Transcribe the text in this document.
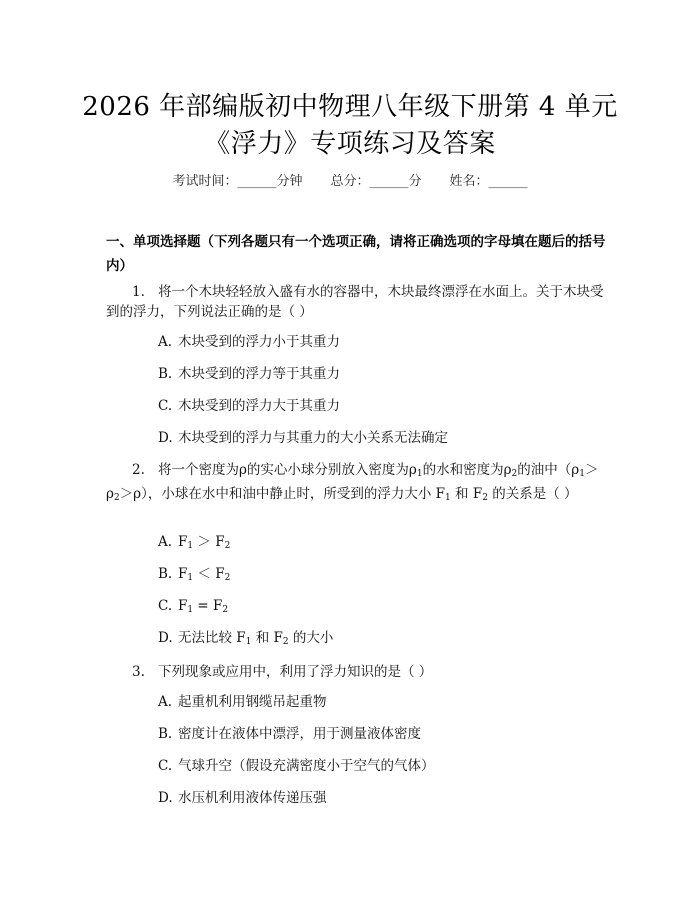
2026 年部编版初中物理八年级下册第 4 单元
《浮力》专项练习及答案
考试时间：______分钟 总分：______分 姓名：______
一、单项选择题（下列各题只有一个选项正确，请将正确选项的字母填在题后的括号内）
1. 将一个木块轻轻放入盛有水的容器中，木块最终漂浮在水面上。关于木块受到的浮力，下列说法正确的是（ ）
A. 木块受到的浮力小于其重力
B. 木块受到的浮力等于其重力
C. 木块受到的浮力大于其重力
D. 木块受到的浮力与其重力的大小关系无法确定
2. 将一个密度为ρ的实心小球分别放入密度为$\rho_1$的水和密度为$\rho_2$的油中$(\rho_1>\rho_2>\rho)$，小球在水中和油中静止时，所受到的浮力大小 $F_1$ 和 $F_2$ 的关系是（ ）
A. $F_1 > F_2$
B. $F_1 < F_2$
C. $F_1 = F_2$
D. 无法比较 $F_1$ 和 $F_2$ 的大小
3. 下列现象或应用中，利用了浮力知识的是（ ）
A. 起重机利用钢缆吊起重物
B. 密度计在液体中漂浮，用于测量液体密度
C. 气球升空（假设充满密度小于空气的气体）
D. 水压机利用液体传递压强
